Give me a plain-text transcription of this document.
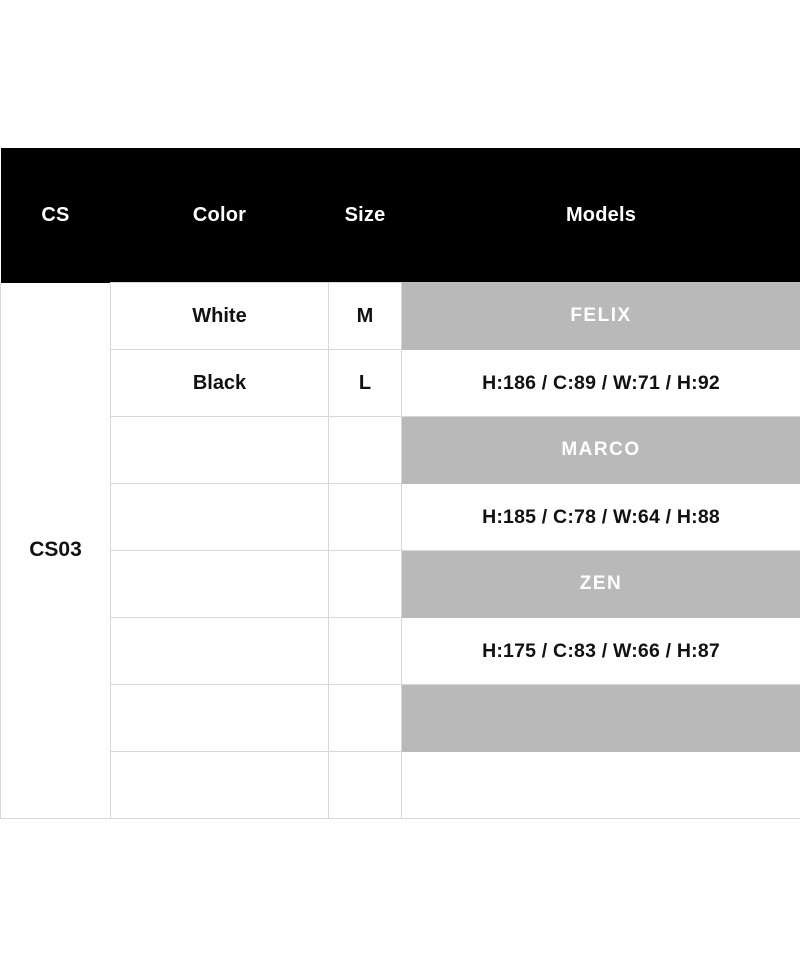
CS	Color	Size	Models
CS03	White	M	FELIX
	Black	L	H:186 / C:89 / W:71 / H:92
			MARCO
			H:185 / C:78 / W:64 / H:88
			ZEN
			H:175 / C:83 / W:66 / H:87
